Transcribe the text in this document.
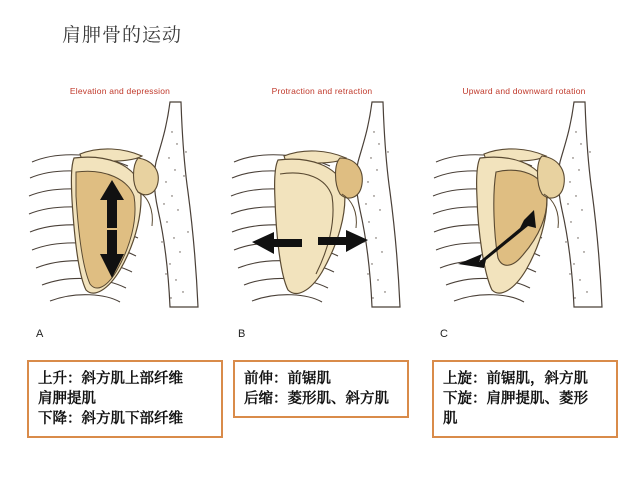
肩胛骨的运动
Elevation and depression
A
Protraction and retraction
B
Upward and downward rotation
C
上升：斜方肌上部纤维
肩胛提肌
下降：斜方肌下部纤维
前伸：前锯肌
后缩：菱形肌、斜方肌
上旋：前锯肌，斜方肌
下旋：肩胛提肌、菱形
肌
